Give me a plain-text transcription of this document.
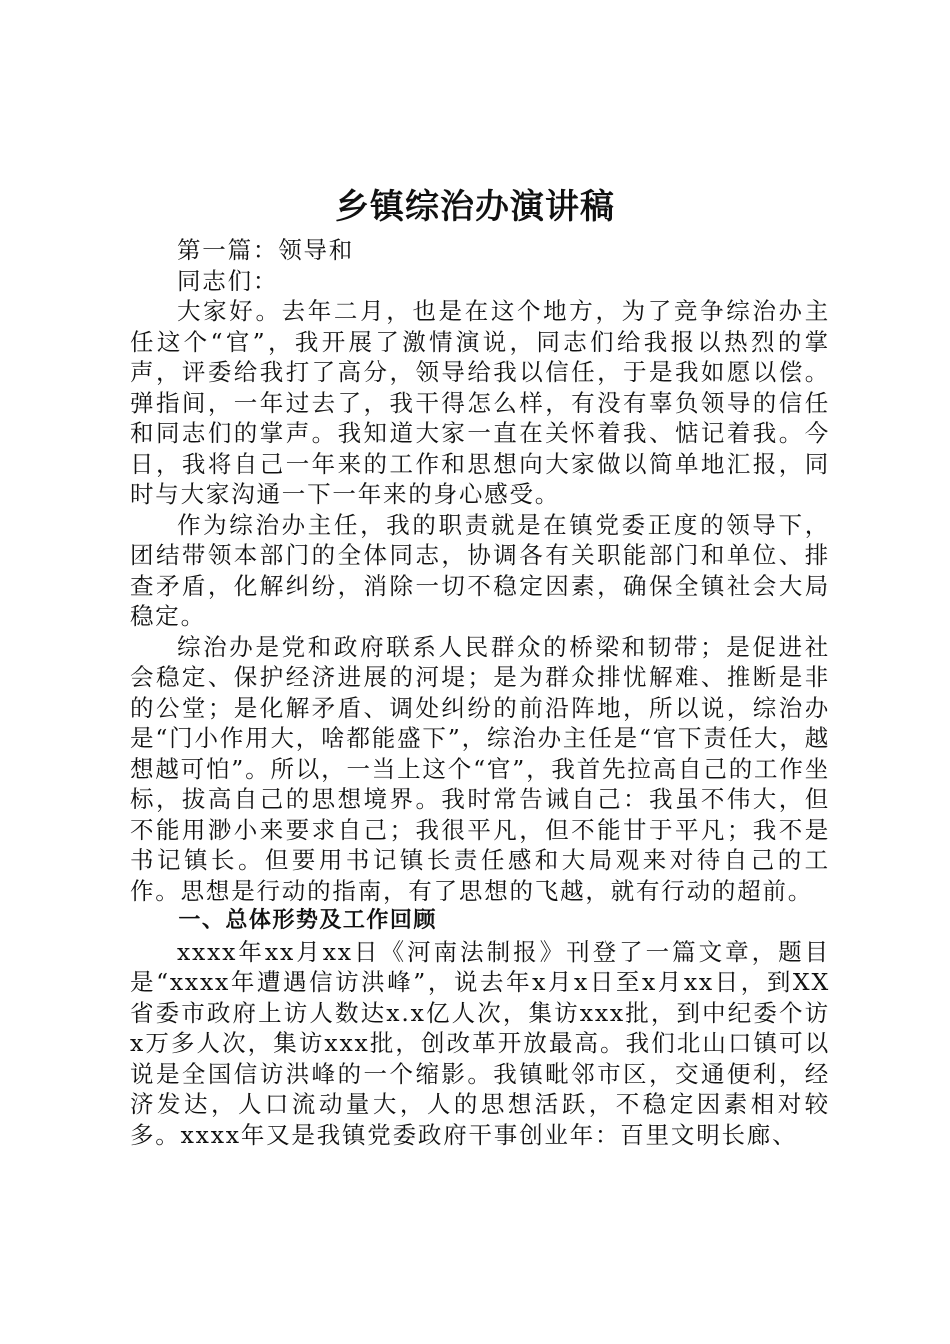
乡镇综治办演讲稿

第一篇：领导和

同志们：

大家好。去年二月，也是在这个地方，为了竞争综治办主任这个“官”，我开展了激情演说，同志们给我报以热烈的掌声，评委给我打了高分，领导给我以信任，于是我如愿以偿。弹指间，一年过去了，我干得怎么样，有没有辜负领导的信任和同志们的掌声。我知道大家一直在关怀着我、惦记着我。今日，我将自己一年来的工作和思想向大家做以简单地汇报，同时与大家沟通一下一年来的身心感受。

作为综治办主任，我的职责就是在镇党委正度的领导下，团结带领本部门的全体同志，协调各有关职能部门和单位、排查矛盾，化解纠纷，消除一切不稳定因素，确保全镇社会大局稳定。

综治办是党和政府联系人民群众的桥梁和韧带；是促进社会稳定、保护经济进展的河堤；是为群众排忧解难、推断是非的公堂；是化解矛盾、调处纠纷的前沿阵地，所以说，综治办是“门小作用大，啥都能盛下”，综治办主任是“官下责任大，越想越可怕”。所以，一当上这个“官”，我首先拉高自己的工作坐标，拔高自己的思想境界。我时常告诫自己：我虽不伟大，但不能用渺小来要求自己；我很平凡，但不能甘于平凡；我不是书记镇长。但要用书记镇长责任感和大局观来对待自己的工作。思想是行动的指南，有了思想的飞越，就有行动的超前。

一、总体形势及工作回顾

xxxx年xx月xx日《河南法制报》刊登了一篇文章，题目是“xxxx年遭遇信访洪峰”，说去年x月x日至x月xx日，到XX省委市政府上访人数达x.x亿人次，集访xxx批，到中纪委个访x万多人次，集访xxx批，创改革开放最高。我们北山口镇可以说是全国信访洪峰的一个缩影。我镇毗邻市区，交通便利，经济发达，人口流动量大，人的思想活跃，不稳定因素相对较多。xxxx年又是我镇党委政府干事创业年：百里文明长廊、
